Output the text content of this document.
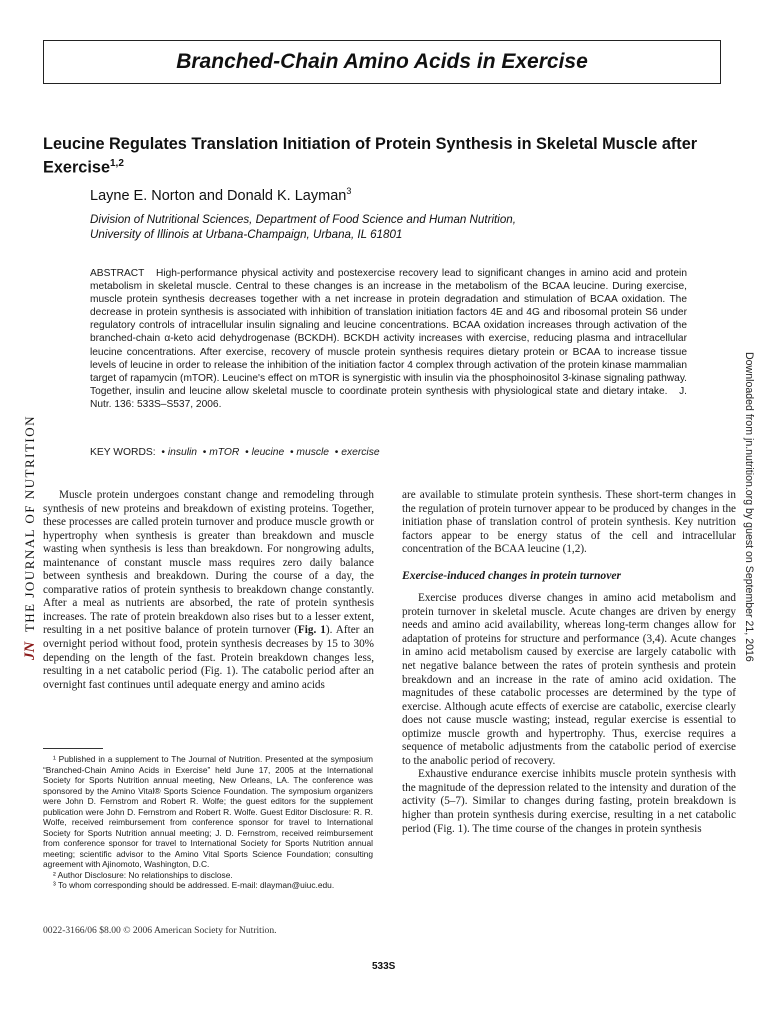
Branched-Chain Amino Acids in Exercise
Leucine Regulates Translation Initiation of Protein Synthesis in Skeletal Muscle after Exercise$^{1,2}$
Layne E. Norton and Donald K. Layman$^3$
Division of Nutritional Sciences, Department of Food Science and Human Nutrition,
University of Illinois at Urbana-Champaign, Urbana, IL 61801
ABSTRACT High-performance physical activity and postexercise recovery lead to significant changes in amino acid and protein metabolism in skeletal muscle. Central to these changes is an increase in the metabolism of the BCAA leucine. During exercise, muscle protein synthesis decreases together with a net increase in protein degradation and stimulation of BCAA oxidation. The decrease in protein synthesis is associated with inhibition of translation initiation factors 4E and 4G and ribosomal protein S6 under regulatory controls of intracellular insulin signaling and leucine concentrations. BCAA oxidation increases through activation of the branched-chain α-keto acid dehydrogenase (BCKDH). BCKDH activity increases with exercise, reducing plasma and intracellular leucine concentrations. After exercise, recovery of muscle protein synthesis requires dietary protein or BCAA to increase tissue levels of leucine in order to release the inhibition of the initiation factor 4 complex through activation of the protein kinase mammalian target of rapamycin (mTOR). Leucine's effect on mTOR is synergistic with insulin via the phosphoinositol 3-kinase signaling pathway. Together, insulin and leucine allow skeletal muscle to coordinate protein synthesis with physiological state and dietary intake. J. Nutr. 136: 533S–S537, 2006.
KEY WORDS:  • insulin  • mTOR  • leucine  • muscle  • exercise

Muscle protein undergoes constant change and remodeling through synthesis of new proteins and breakdown of existing proteins. Together, these processes are called protein turnover and produce muscle growth or hypertrophy when synthesis is greater than breakdown and muscle wasting when synthesis is less than breakdown. For nongrowing adults, maintenance of constant muscle mass requires zero daily balance between synthesis and breakdown. During the course of a day, the comparative ratios of protein synthesis to breakdown change constantly. After a meal as nutrients are absorbed, the rate of protein synthesis increases. The rate of protein breakdown also rises but to a lesser extent, resulting in a net positive balance of protein turnover (Fig. 1). After an overnight period without food, protein synthesis decreases by 15 to 30% depending on the length of the fast. Protein breakdown changes less, resulting in a net catabolic period (Fig. 1). The catabolic period after an overnight fast continues until adequate energy and amino acids

¹ Published in a supplement to The Journal of Nutrition. Presented at the symposium “Branched-Chain Amino Acids in Exercise” held June 17, 2005 at the International Society for Sports Nutrition annual meeting, New Orleans, LA. The conference was sponsored by the Amino Vital® Sports Science Foundation. The symposium organizers were John D. Fernstrom and Robert R. Wolfe; the guest editors for the supplement publication were John D. Fernstrom and Robert R. Wolfe. Guest Editor Disclosure: R. R. Wolfe, received reimbursement from conference sponsor for travel to International Society for Sports Nutrition annual meeting; J. D. Fernstrom, received reimbursement from conference sponsor for travel to International Society for Sports Nutrition annual meeting; scientific advisor to the Amino Vital Sports Science Foundation; consulting agreement with Ajinomoto, Washington, D.C.

² Author Disclosure: No relationships to disclose.

³ To whom corresponding should be addressed. E-mail: dlayman@uiuc.edu.

are available to stimulate protein synthesis. These short-term changes in the regulation of protein turnover appear to be produced by changes in the initiation phase of translation control of protein synthesis. Key nutrition factors appear to be energy status of the cell and intracellular concentration of the BCAA leucine (1,2).

Exercise-induced changes in protein turnover

Exercise produces diverse changes in amino acid metabolism and protein turnover in skeletal muscle. Acute changes are driven by energy needs and amino acid availability, whereas long-term changes allow for adaptation of proteins for structure and performance (3,4). Acute changes in amino acid metabolism caused by exercise are largely catabolic with net negative balance between the rates of protein synthesis and protein breakdown and an increase in the rate of amino acid oxidation. The magnitudes of these catabolic processes are determined by the type of exercise. Although acute effects of exercise are catabolic, exercise clearly does not cause muscle wasting; instead, regular exercise is essential to optimize muscle growth and hypertrophy. Thus, exercise requires a sequence of metabolic adjustments from the catabolic period of exercise to the anabolic period of recovery.

Exhaustive endurance exercise inhibits muscle protein synthesis with the magnitude of the depression related to the intensity and duration of the activity (5–7). Similar to changes during fasting, protein breakdown is higher than protein synthesis during exercise, resulting in a net catabolic period (Fig. 1). The time course of the changes in protein synthesis

0022-3166/06 $8.00 © 2006 American Society for Nutrition.
533S
JN  THE JOURNAL OF NUTRITION	Downloaded from jn.nutrition.org by guest on September 21, 2016
